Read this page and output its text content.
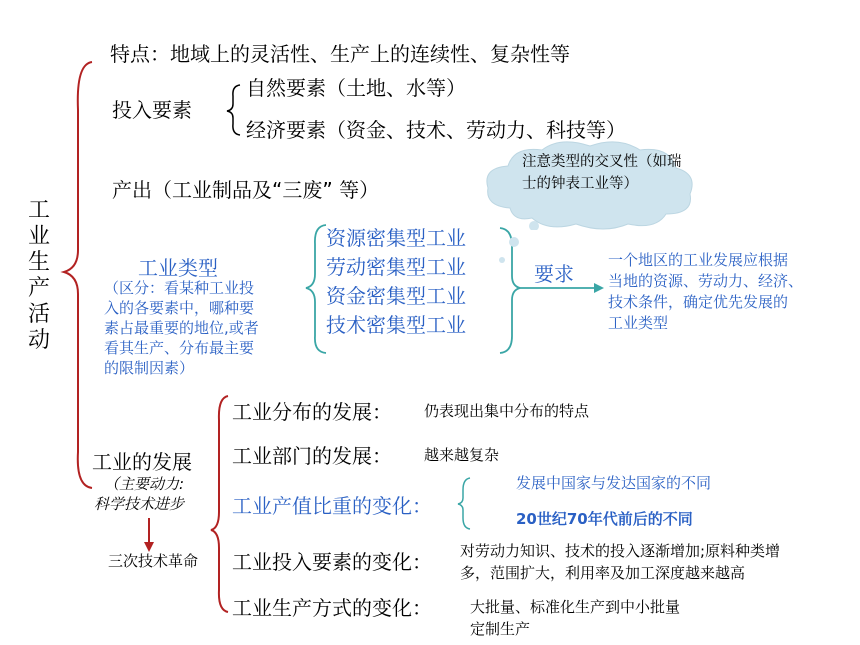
注意类型的交叉性（如瑞士的钟表工业等）
工
业
生
产
活
动
特点：地域上的灵活性、生产上的连续性、复杂性等
投入要素
自然要素（土地、水等）
经济要素（资金、技术、劳动力、科技等）
产出（工业制品及“三废” 等）
工业类型
（区分：看某种工业投
入的各要素中，哪种要
素占最重要的地位,或者
看其生产、分布最主要
的限制因素）
资源密集型工业
劳动密集型工业
资金密集型工业
技术密集型工业
要求
一个地区的工业发展应根据
当地的资源、劳动力、经济、
技术条件，确定优先发展的
工业类型
工业的发展
（主要动力:
科学技术进步
三次技术革命
工业分布的发展： 仍表现出集中分布的特点
工业部门的发展： 越来越复杂
工业产值比重的变化：
发展中国家与发达国家的不同
20世纪70年代前后的不同
工业投入要素的变化： 对劳动力知识、技术的投入逐渐增加;原料种类增
多，范围扩大，利用率及加工深度越来越高
工业生产方式的变化：	大批量、标准化生产到中小批量
定制生产
